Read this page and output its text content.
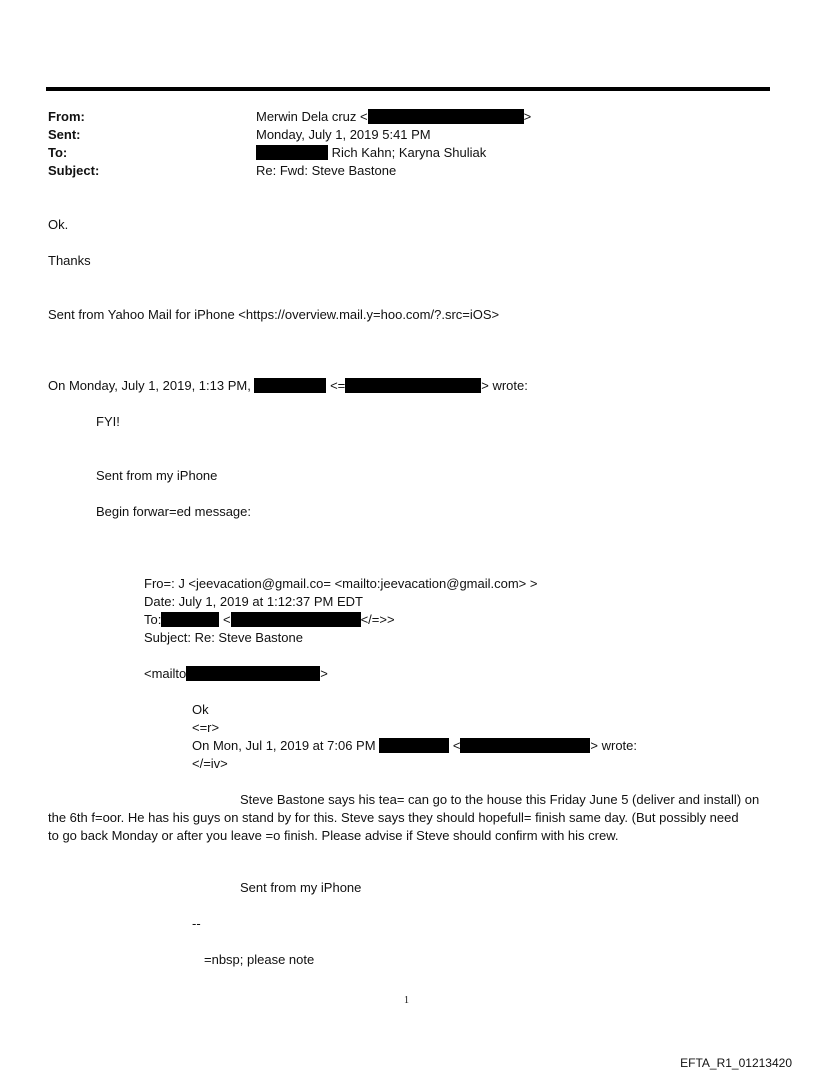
From:	Merwin Dela cruz <	>
Sent:	Monday, July 1, 2019 5:41 PM
To:	Rich Kahn; Karyna Shuliak
Subject:	Re: Fwd: Steve Bastone
Ok.
Thanks
Sent from Yahoo Mail for iPhone <https://overview.mail.y=hoo.com/?.src=iOS>
On Monday, July 1, 2019, 1:13 PM,	<=	> wrote:
FYI!
Sent from my iPhone
Begin forwar=ed message:
Fro=: J <jeevacation@gmail.co= <mailto:jeevacation@gmail.com> >
Date: July 1, 2019 at 1:12:37 PM EDT
To:	<	</=>>
Subject: Re: Steve Bastone
<mailto	>
Ok
<=r>
On Mon, Jul 1, 2019 at 7:06 PM	<	> wrote:
</=iv>
Steve Bastone says his tea= can go to the house this Friday June 5 (deliver and install) on
the 6th f=oor. He has his guys on stand by for this. Steve says they should hopefull= finish same day. (But possibly need
to go back Monday or after you leave =o finish. Please advise if Steve should confirm with his crew.
Sent from my iPhone
--
=nbsp; please note
1
EFTA_R1_01213420
